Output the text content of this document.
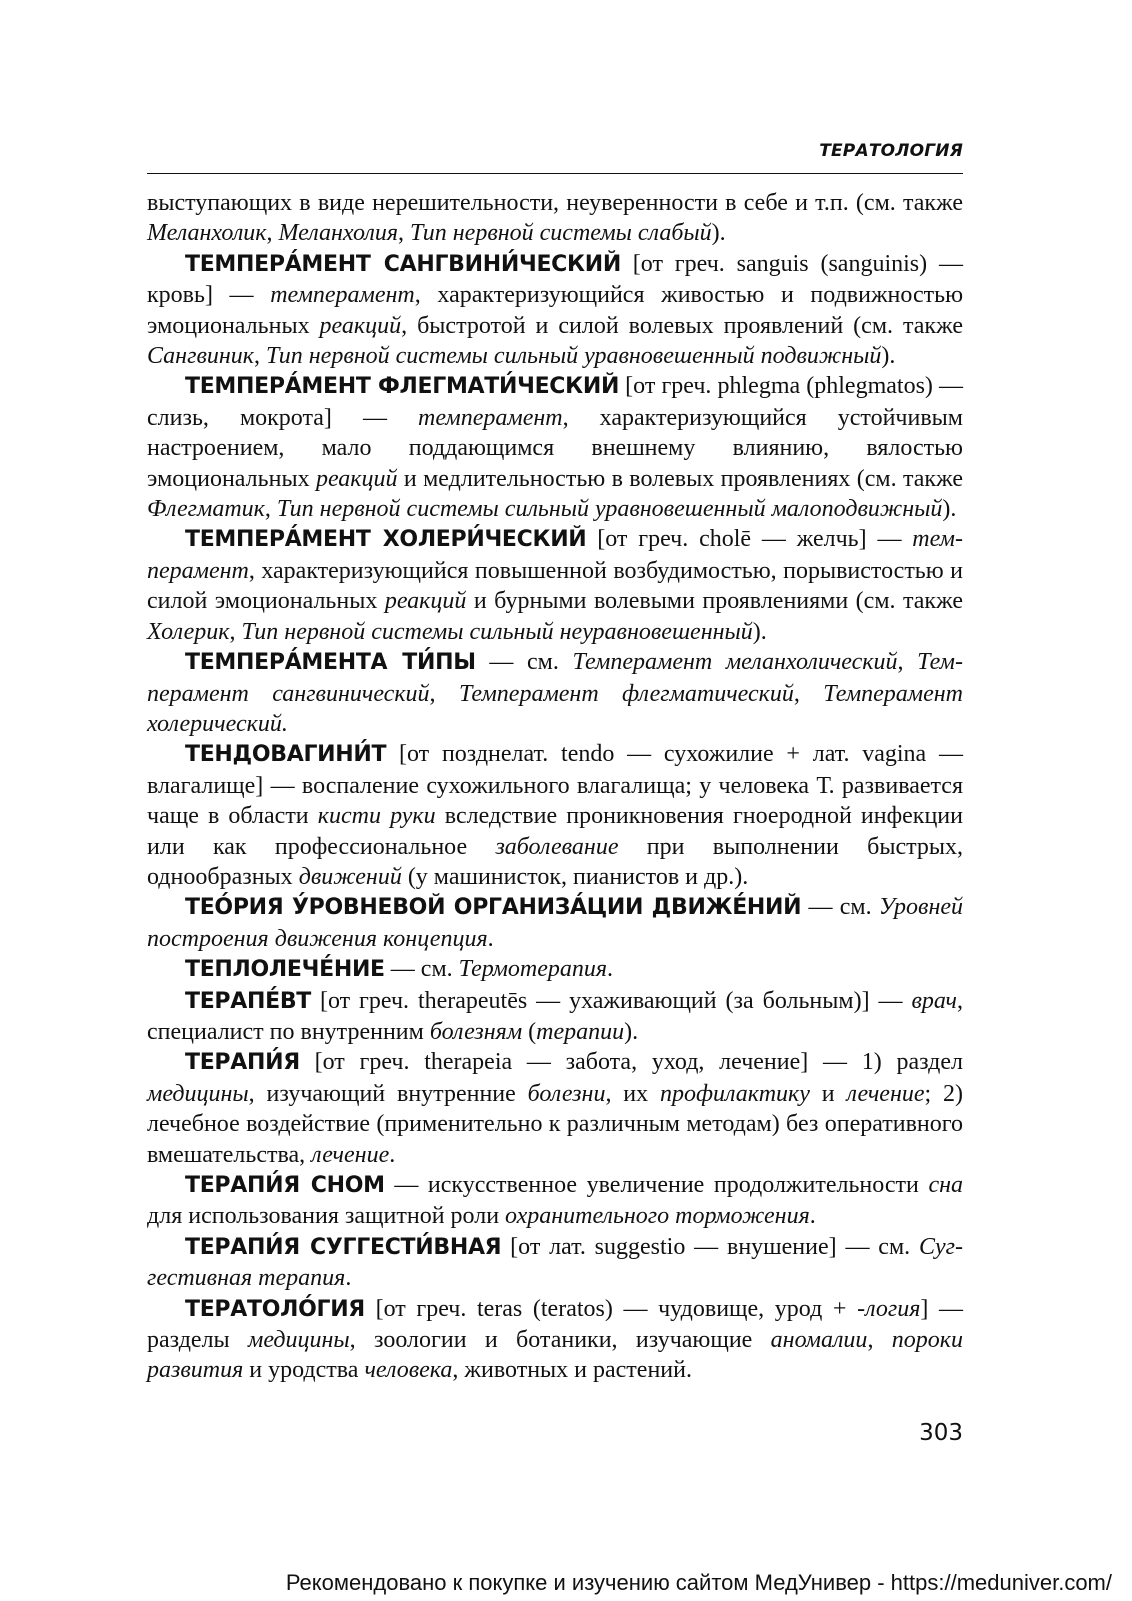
ТЕРАТОЛОГИЯ

выступающих в виде нерешительности, неуверенности в себе и т.п. (см. также Меланхолик, Меланхолия, Тип нервной системы слабый).

ТЕМПЕРА́МЕНТ САНГВИНИ́ЧЕСКИЙ [от греч. sanguis (sanguinis) — кровь] — темперамент, характеризующийся живостью и подвижностью эмоциональных реакций, быстротой и силой волевых проявлений (см. также Сангвиник, Тип нервной системы сильный уравновешенный подвижный).

ТЕМПЕРА́МЕНТ ФЛЕГМАТИ́ЧЕСКИЙ [от греч. phlegma (phlegmatos) — слизь, мокрота] — темперамент, характеризующийся устойчивым настроением, мало поддающимся внешнему влиянию, вялостью эмоциональных реакций и медлительностью в волевых проявлениях (см. также Флегматик, Тип нервной системы сильный уравновешенный малоподвижный).

ТЕМПЕРА́МЕНТ ХОЛЕРИ́ЧЕСКИЙ [от греч. cholē — желчь] — темперамент, характеризующийся повышенной возбудимостью, порывистостью и силой эмоциональных реакций и бурными волевыми проявлениями (см. также Холерик, Тип нервной системы сильный неуравновешенный).

ТЕМПЕРА́МЕНТА ТИ́ПЫ — см. Темперамент меланхолический, Темперамент сангвинический, Темперамент флегматический, Темперамент холерический.

ТЕНДОВАГИНИ́Т [от позднелат. tendo — сухожилие + лат. vagina — влагалище] — воспаление сухожильного влагалища; у человека Т. развивается чаще в области кисти руки вследствие проникновения гноеродной инфекции или как профессиональное заболевание при выполнении быстрых, однообразных движений (у машинисток, пианистов и др.).

ТЕО́РИЯ У́РОВНЕВОЙ ОРГАНИЗА́ЦИИ ДВИЖЕ́НИЙ — см. Уровней построения движения концепция.

ТЕПЛОЛЕЧЕ́НИЕ — см. Термотерапия.

ТЕРАПЕ́ВТ [от греч. therapeutēs — ухаживающий (за больным)] — врач, специалист по внутренним болезням (терапии).

ТЕРАПИ́Я [от греч. therapeia — забота, уход, лечение] — 1) раздел медицины, изучающий внутренние болезни, их профилактику и лечение; 2) лечебное воздействие (применительно к различным методам) без оперативного вмешательства, лечение.

ТЕРАПИ́Я СНОМ — искусственное увеличение продолжительности сна для использования защитной роли охранительного торможения.

ТЕРАПИ́Я СУГГЕСТИ́ВНАЯ [от лат. suggestio — внушение] — см. Суггестивная терапия.

ТЕРАТОЛО́ГИЯ [от греч. teras (teratos) — чудовище, урод + -логия] — разделы медицины, зоологии и ботаники, изучающие аномалии, пороки развития и уродства человека, животных и растений.

303
Рекомендовано к покупке и изучению сайтом МедУнивер - https://meduniver.com/
